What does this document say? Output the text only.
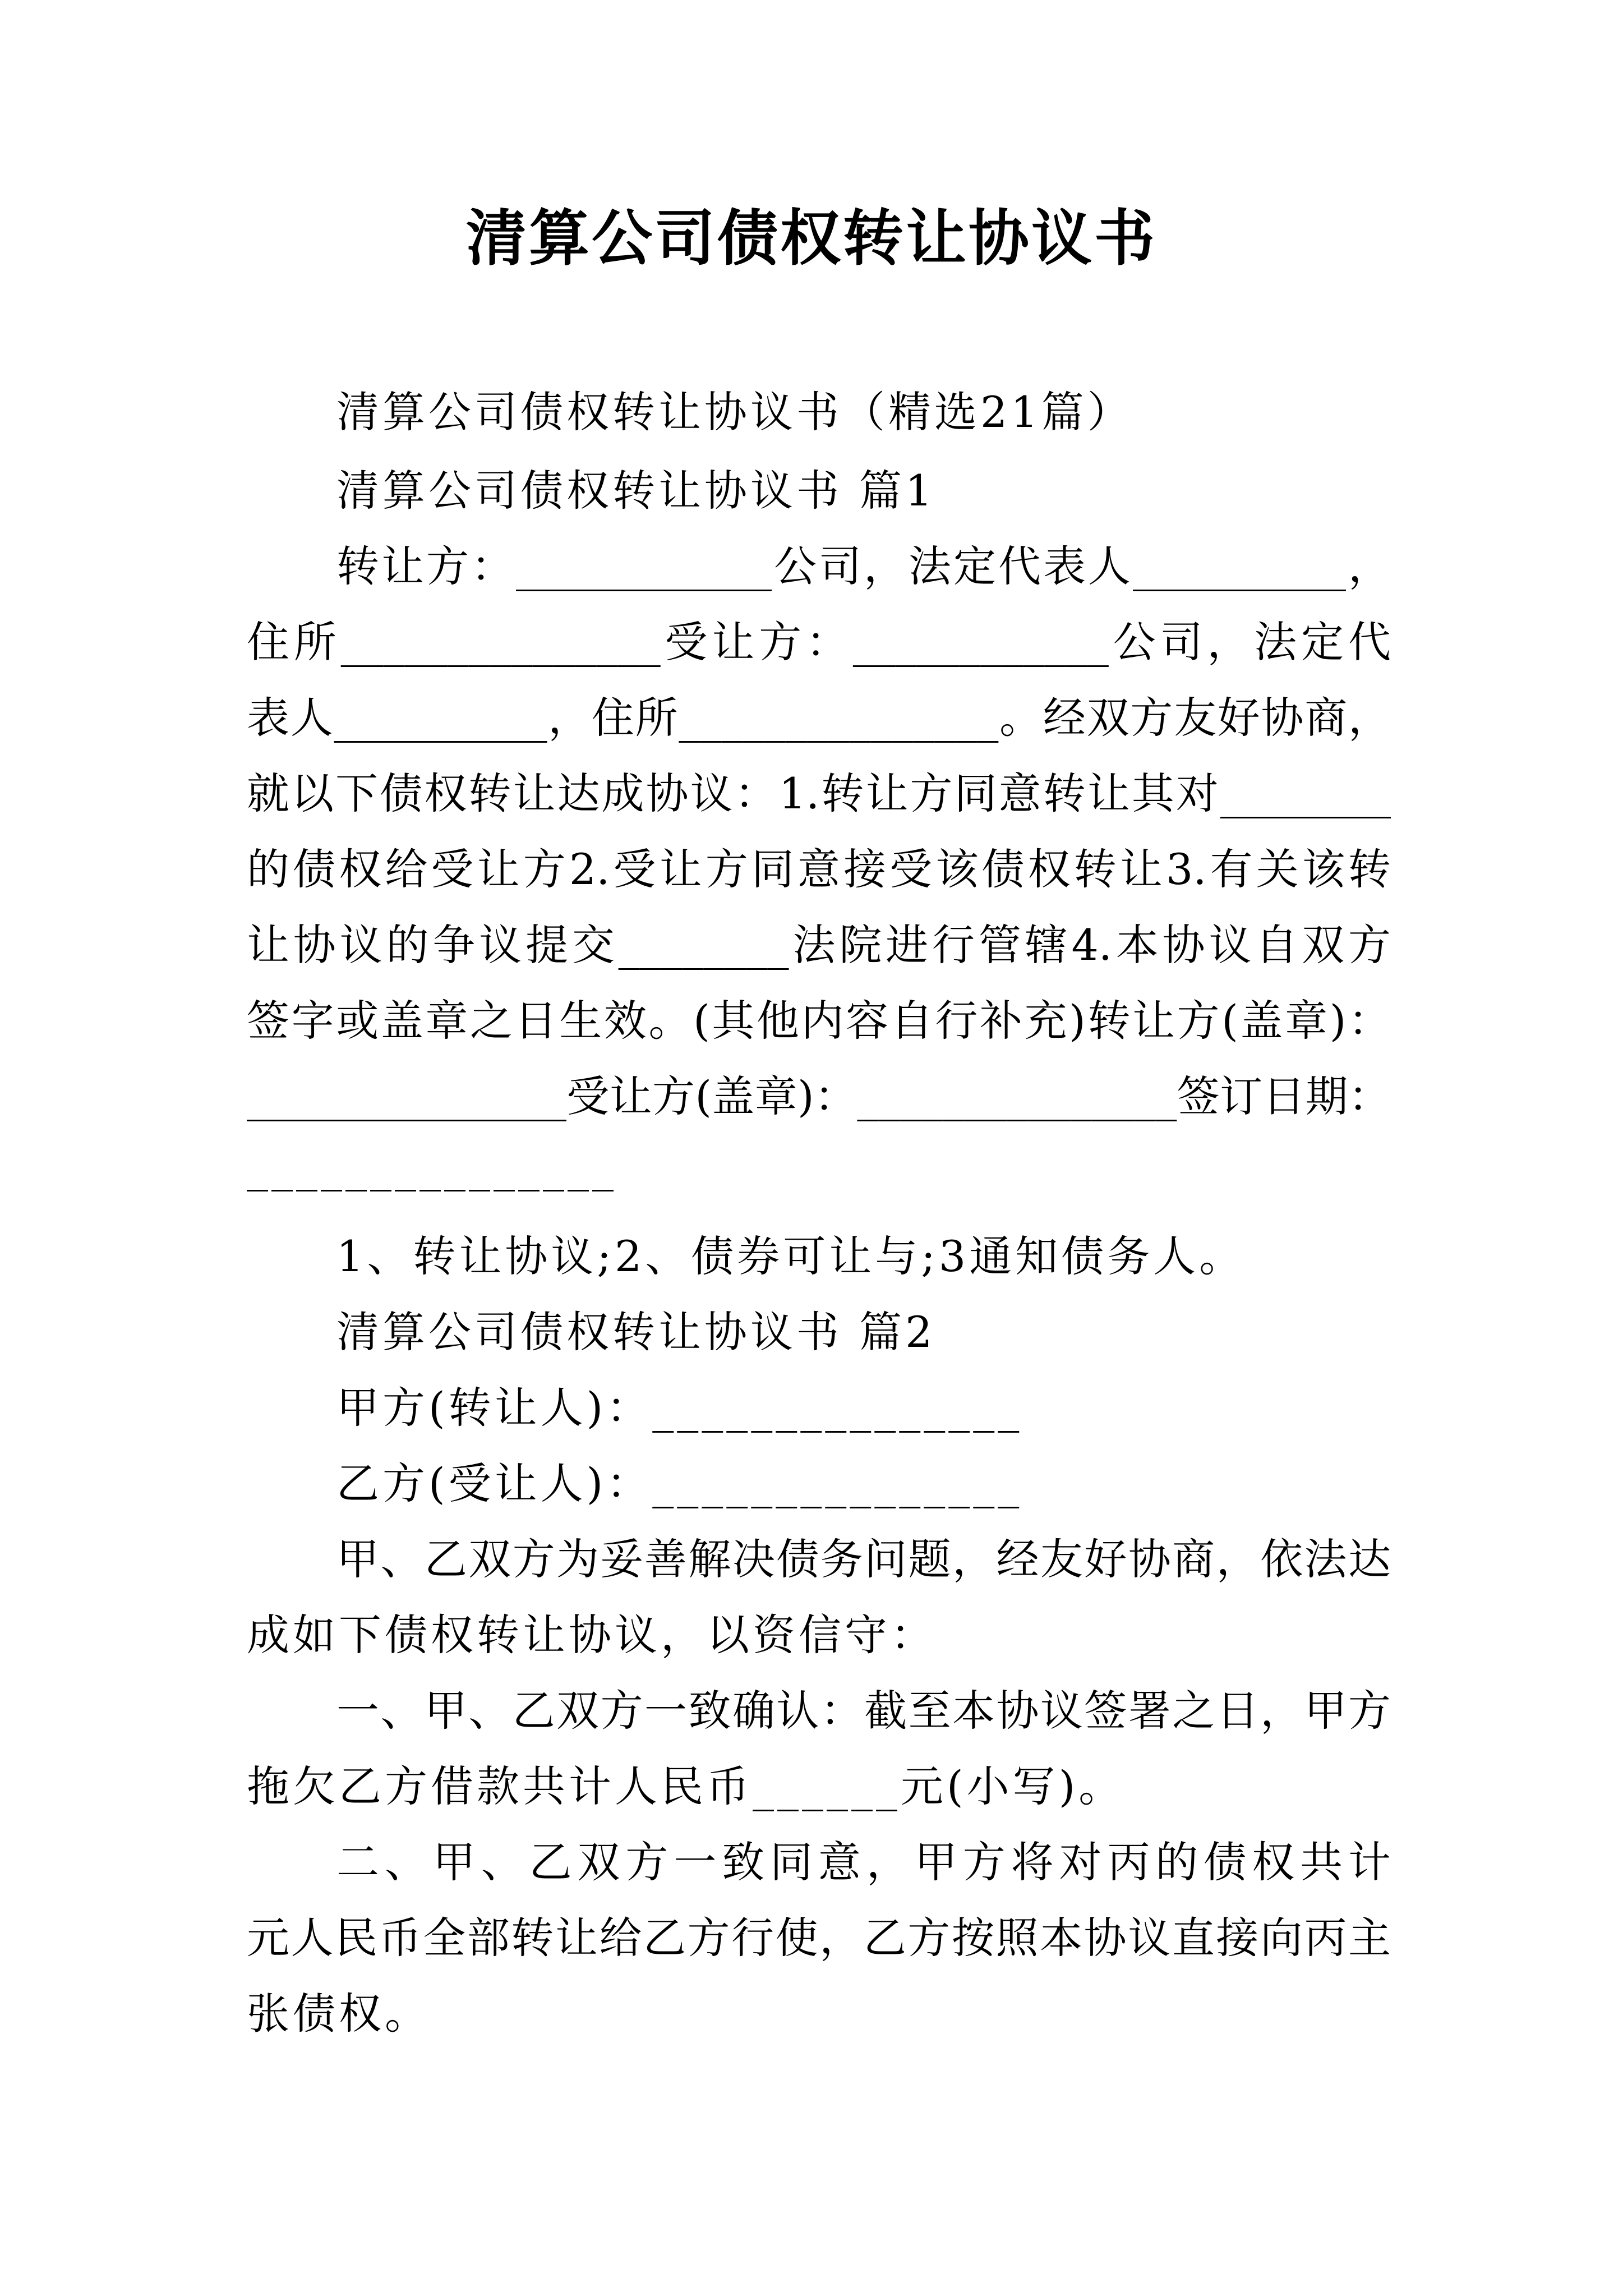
清算公司债权转让协议书
清算公司债权转让协议书（精选21篇）
清算公司债权转让协议书 篇1
转让方：____________公司，法定代表人__________，
住所_______________受让方：____________公司，法定代
表人__________，住所_______________。经双方友好协商，
就以下债权转让达成协议：1.转让方同意转让其对________
的债权给受让方2.受让方同意接受该债权转让3.有关该转
让协议的争议提交________法院进行管辖4.本协议自双方
签字或盖章之日生效。(其他内容自行补充)转让方(盖章)：
_______________受让方(盖章)：_______________签订日期：
_______________
1、转让协议;2、债券可让与;3通知债务人。
清算公司债权转让协议书 篇2
甲方(转让人)：_______________
乙方(受让人)：_______________
甲、乙双方为妥善解决债务问题，经友好协商，依法达
成如下债权转让协议，以资信守：
一、甲、乙双方一致确认：截至本协议签署之日，甲方
拖欠乙方借款共计人民币______元(小写)。
二、甲、乙双方一致同意，甲方将对丙的债权共计
元人民币全部转让给乙方行使，乙方按照本协议直接向丙主
张债权。
